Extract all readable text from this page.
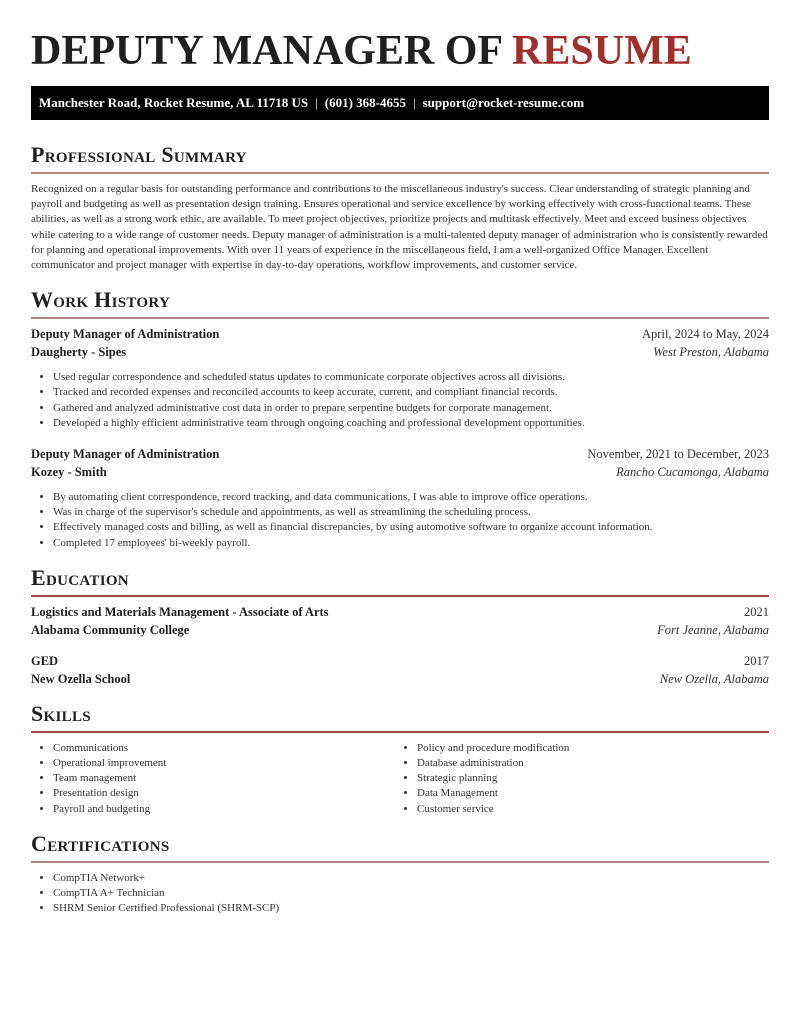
DEPUTY MANAGER OF RESUME
Manchester Road, Rocket Resume, AL 11718 US | (601) 368-4655 | support@rocket-resume.com
Professional Summary

Recognized on a regular basis for outstanding performance and contributions to the miscellaneous industry's success. Clear understanding of strategic planning and payroll and budgeting as well as presentation design training. Ensures operational and service excellence by working effectively with cross-functional teams. These abilities, as well as a strong work ethic, are available. To meet project objectives, prioritize projects and multitask effectively. Meet and exceed business objectives while catering to a wide range of customer needs. Deputy manager of administration is a multi-talented deputy manager of administration who is consistently rewarded for planning and operational improvements. With over 11 years of experience in the miscellaneous field, I am a well-organized Office Manager. Excellent communicator and project manager with expertise in day-to-day operations, workflow improvements, and customer service.

Work History
Deputy Manager of Administration	April, 2024 to May, 2024
Daugherty - Sipes	West Preston, Alabama
• Used regular correspondence and scheduled status updates to communicate corporate objectives across all divisions.
• Tracked and recorded expenses and reconciled accounts to keep accurate, current, and compliant financial records.
• Gathered and analyzed administrative cost data in order to prepare serpentine budgets for corporate management.
• Developed a highly efficient administrative team through ongoing coaching and professional development opportunities.
Deputy Manager of Administration	November, 2021 to December, 2023
Kozey - Smith	Rancho Cucamonga, Alabama
• By automating client correspondence, record tracking, and data communications, I was able to improve office operations.
• Was in charge of the supervisor's schedule and appointments, as well as streamlining the scheduling process.
• Effectively managed costs and billing, as well as financial discrepancies, by using automotive software to organize account information.
• Completed 17 employees' bi-weekly payroll.
Education
Logistics and Materials Management - Associate of Arts	2021
Alabama Community College	Fort Jeanne, Alabama
GED	2017
New Ozella School	New Ozella, Alabama
Skills
• Communications
• Operational improvement
• Team management
• Presentation design
• Payroll and budgeting
• Policy and procedure modification
• Database administration
• Strategic planning
• Data Management
• Customer service
Certifications
• CompTIA Network+
• CompTIA A+ Technician
• SHRM Senior Certified Professional (SHRM-SCP)
